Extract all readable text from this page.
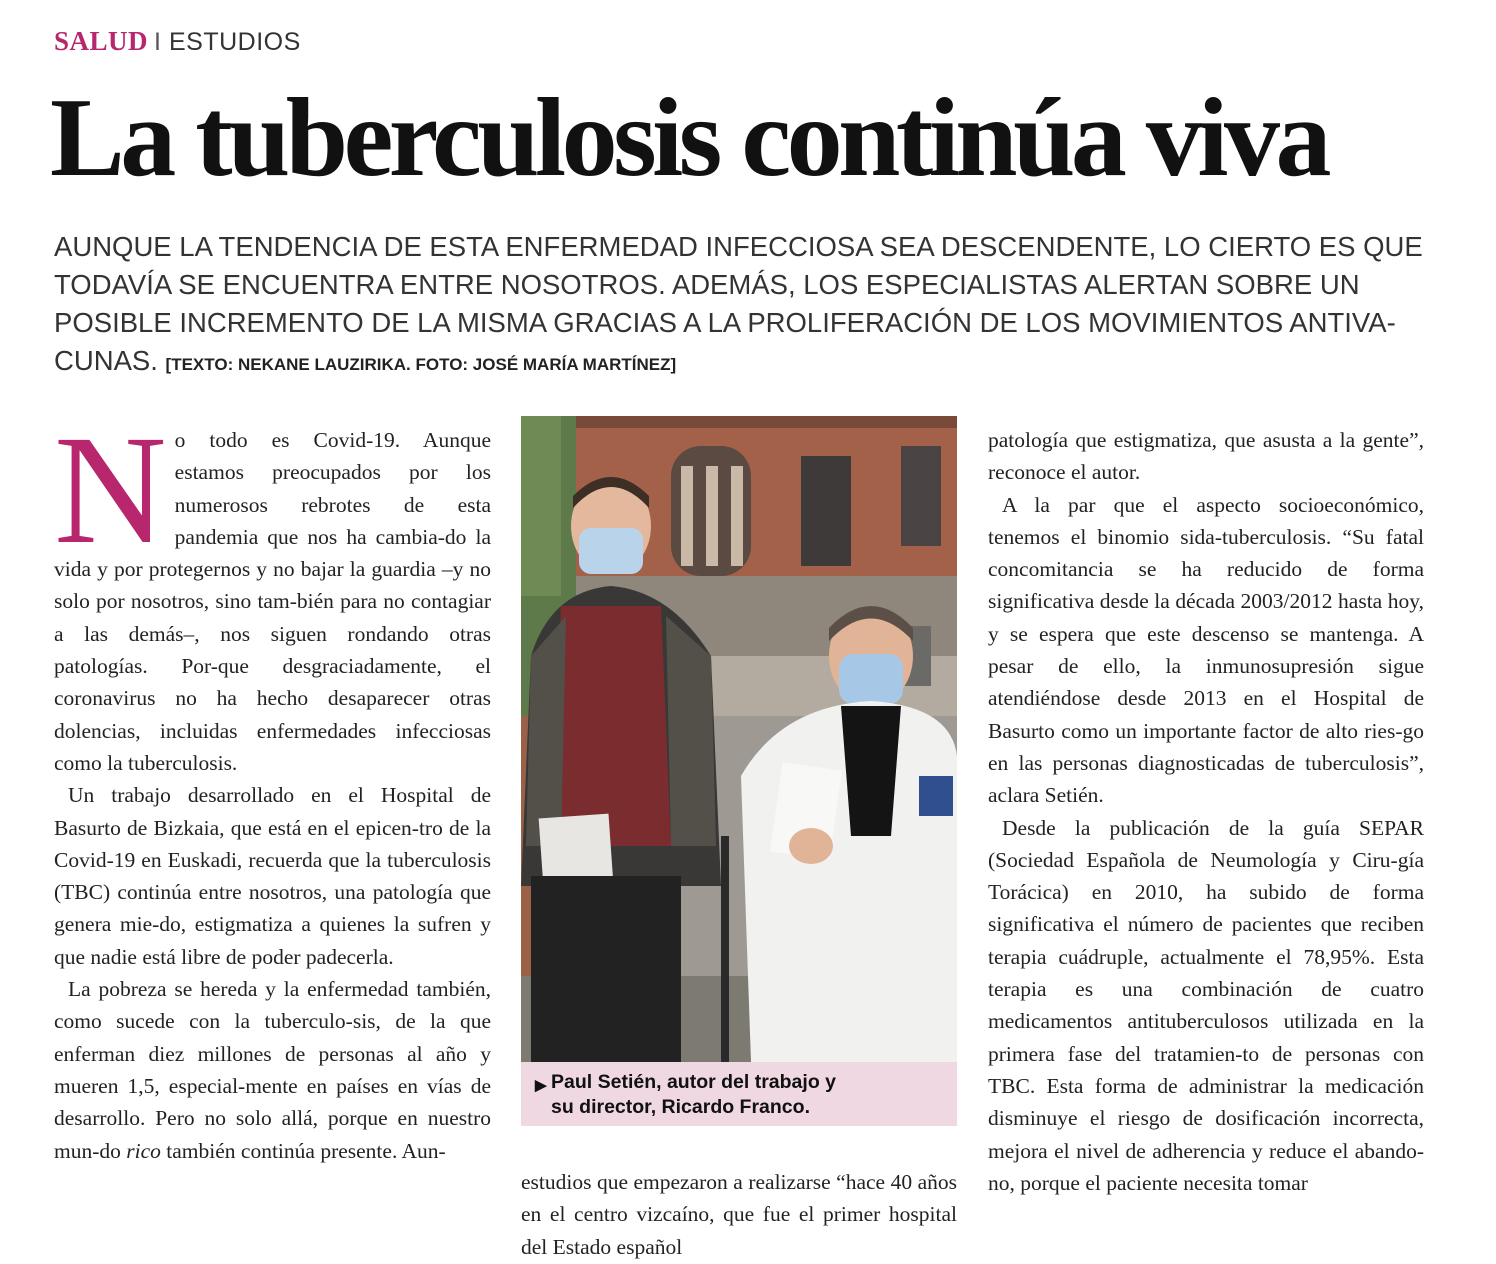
SALUD I ESTUDIOS
La tuberculosis continúa viva
AUNQUE LA TENDENCIA DE ESTA ENFERMEDAD INFECCIOSA SEA DESCENDENTE, LO CIERTO ES QUE TODAVÍA SE ENCUENTRA ENTRE NOSOTROS. ADEMÁS, LOS ESPECIALISTAS ALERTAN SOBRE UN POSIBLE INCREMENTO DE LA MISMA GRACIAS A LA PROLIFERACIÓN DE LOS MOVIMIENTOS ANTIVA-CUNAS. [TEXTO: NEKANE LAUZIRIKA. FOTO: JOSÉ MARÍA MARTÍNEZ]

No todo es Covid-19. Aunque estamos preocupados por los numerosos rebrotes de esta pandemia que nos ha cambia-do la vida y por protegernos y no bajar la guardia –y no solo por nosotros, sino tam-bién para no contagiar a las demás–, nos siguen rondando otras patologías. Por-que desgraciadamente, el coronavirus no ha hecho desaparecer otras dolencias, incluidas enfermedades infecciosas como la tuberculosis.

Un trabajo desarrollado en el Hospital de Basurto de Bizkaia, que está en el epicen-tro de la Covid-19 en Euskadi, recuerda que la tuberculosis (TBC) continúa entre nosotros, una patología que genera mie-do, estigmatiza a quienes la sufren y que nadie está libre de poder padecerla.

La pobreza se hereda y la enfermedad también, como sucede con la tuberculo-sis, de la que enferman diez millones de personas al año y mueren 1,5, especial-mente en países en vías de desarrollo. Pero no solo allá, porque en nuestro mun-do rico también continúa presente. Aun-

▶ Paul Setién, autor del trabajo y
su director, Ricardo Franco.

estudios que empezaron a realizarse “hace 40 años en el centro vizcaíno, que fue el primer hospital del Estado español

patología que estigmatiza, que asusta a la gente”, reconoce el autor.

A la par que el aspecto socioeconómico, tenemos el binomio sida-tuberculosis. “Su fatal concomitancia se ha reducido de forma significativa desde la década 2003/2012 hasta hoy, y se espera que este descenso se mantenga. A pesar de ello, la inmunosupresión sigue atendiéndose desde 2013 en el Hospital de Basurto como un importante factor de alto ries-go en las personas diagnosticadas de tuberculosis”, aclara Setién.

Desde la publicación de la guía SEPAR (Sociedad Española de Neumología y Ciru-gía Torácica) en 2010, ha subido de forma significativa el número de pacientes que reciben terapia cuádruple, actualmente el 78,95%. Esta terapia es una combinación de cuatro medicamentos antituberculosos utilizada en la primera fase del tratamien-to de personas con TBC. Esta forma de administrar la medicación disminuye el riesgo de dosificación incorrecta, mejora el nivel de adherencia y reduce el abando-no, porque el paciente necesita tomar
